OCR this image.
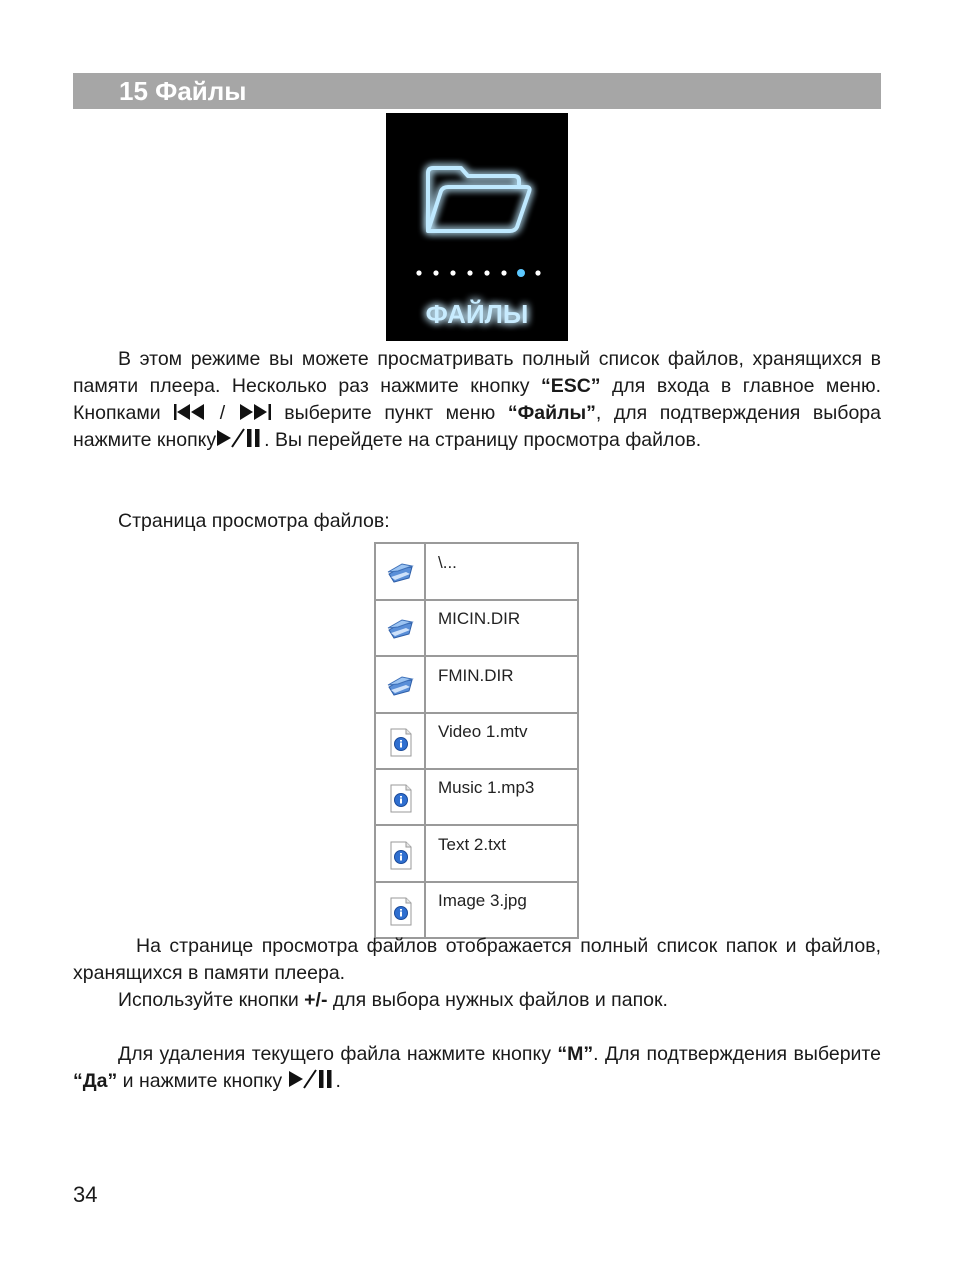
15 Файлы
ФАЙЛЫ

В этом режиме вы можете просматривать полный список файлов, хранящихся в памяти плеера. Несколько раз нажмите кнопку “ESC” для входа в главное меню. Кнопками  /  выберите пункт меню “Файлы”, для подтверждения выбора нажмите кнопку . Вы перейдете на страницу просмотра файлов.

Страница просмотра файлов:

\...
MICIN.DIR
FMIN.DIR
Video 1.mtv
Music 1.mp3
Text 2.txt
Image 3.jpg

На странице просмотра файлов отображается полный список папок и файлов, хранящихся в памяти плеера.

Используйте кнопки +/- для выбора нужных файлов и папок.

Для удаления текущего файла нажмите кнопку “M”. Для подтверждения выберите “Да” и нажмите кнопку .

34
